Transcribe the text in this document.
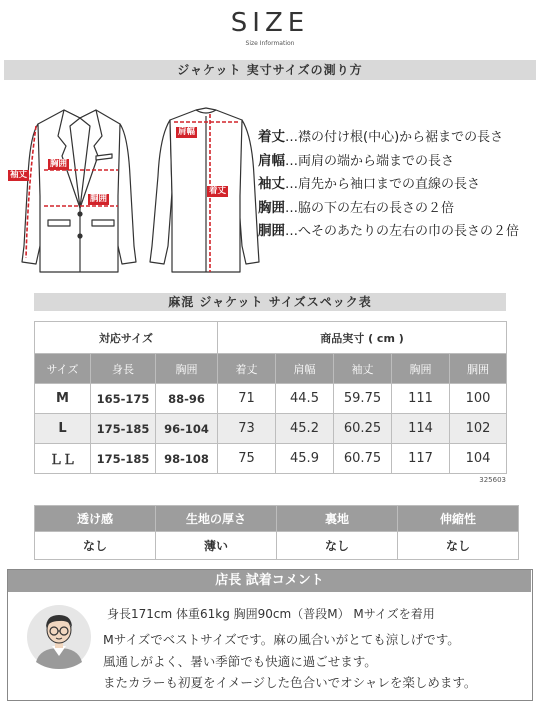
SIZE
Size Information
ジャケット 実寸サイズの測り方
袖丈
胸囲
胴囲
肩幅
着丈
着丈…襟の付け根(中心)から裾までの長さ
肩幅…両肩の端から端までの長さ
袖丈…肩先から袖口までの直線の長さ
胸囲…脇の下の左右の長さの２倍
胴囲…へそのあたりの左右の巾の長さの２倍
麻混 ジャケット サイズスペック表
対応サイズ			商品実寸 ( cm )				
サイズ	身長	胸囲	着丈	肩幅	袖丈	胸囲	胴囲
M	165-175	88-96	71	44.5	59.75	111	100
L	175-185	96-104	73	45.2	60.25	114	102
ＬＬ	175-185	98-108	75	45.9	60.75	117	104
325603
透け感	生地の厚さ	裏地	伸縮性
なし	薄い	なし	なし
店長 試着コメント
身長171cm 体重61kg 胸囲90cm（普段M） Mサイズを着用
Mサイズでベストサイズです。麻の風合いがとても涼しげです。
風通しがよく、暑い季節でも快適に過ごせます。
またカラーも初夏をイメージした色合いでオシャレを楽しめます。
